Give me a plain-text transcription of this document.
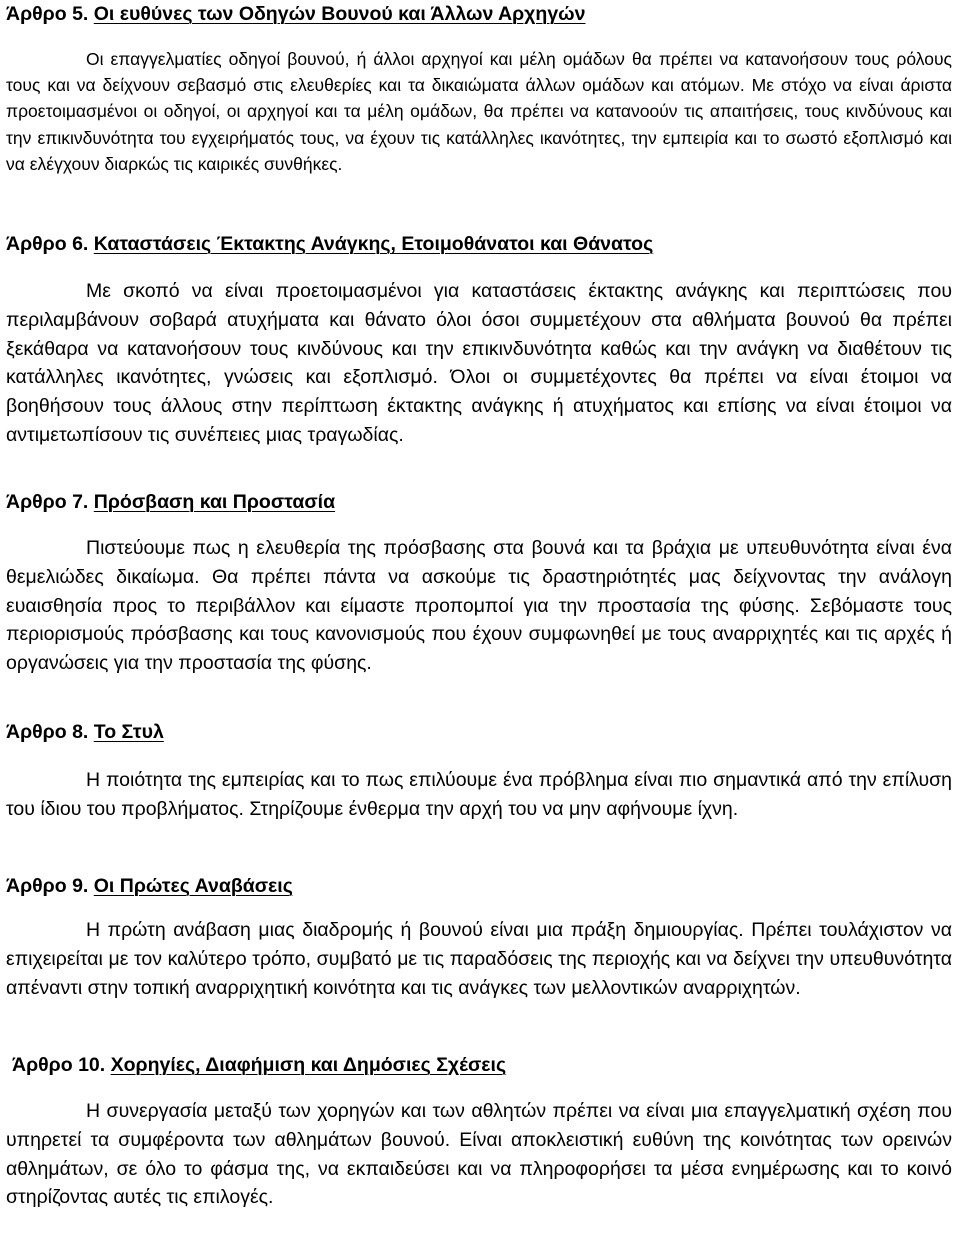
Άρθρο 5. Οι ευθύνες των Οδηγών Βουνού και Άλλων Αρχηγών

Οι επαγγελματίες οδηγοί βουνού, ή άλλοι αρχηγοί και μέλη ομάδων θα πρέπει να κατανοήσουν τους ρόλους τους και να δείχνουν σεβασμό στις ελευθερίες και τα δικαιώματα άλλων ομάδων και ατόμων. Με στόχο να είναι άριστα προετοιμασμένοι οι οδηγοί, οι αρχηγοί και τα μέλη ομάδων, θα πρέπει να κατανοούν τις απαιτήσεις, τους κινδύνους και την επικινδυνότητα του εγχειρήματός τους, να έχουν τις κατάλληλες ικανότητες, την εμπειρία και το σωστό εξοπλισμό και να ελέγχουν διαρκώς τις καιρικές συνθήκες.

Άρθρο 6. Καταστάσεις Έκτακτης Ανάγκης, Ετοιμοθάνατοι και Θάνατος

Με σκοπό να είναι προετοιμασμένοι για καταστάσεις έκτακτης ανάγκης και περιπτώσεις που περιλαμβάνουν σοβαρά ατυχήματα και θάνατο όλοι όσοι συμμετέχουν στα αθλήματα βουνού θα πρέπει ξεκάθαρα να κατανοήσουν τους κινδύνους και την επικινδυνότητα καθώς και την ανάγκη να διαθέτουν τις κατάλληλες ικανότητες, γνώσεις και εξοπλισμό. Όλοι οι συμμετέχοντες θα πρέπει να είναι έτοιμοι να βοηθήσουν τους άλλους στην περίπτωση έκτακτης ανάγκης ή ατυχήματος και επίσης να είναι έτοιμοι να αντιμετωπίσουν τις συνέπειες μιας τραγωδίας.

Άρθρο 7. Πρόσβαση και Προστασία

Πιστεύουμε πως η ελευθερία της πρόσβασης στα βουνά και τα βράχια με υπευθυνότητα είναι ένα θεμελιώδες δικαίωμα. Θα πρέπει πάντα να ασκούμε τις δραστηριότητές μας δείχνοντας την ανάλογη ευαισθησία προς το περιβάλλον και είμαστε προπομποί για την προστασία της φύσης. Σεβόμαστε τους περιορισμούς πρόσβασης και τους κανονισμούς που έχουν συμφωνηθεί με τους αναρριχητές και τις αρχές ή οργανώσεις για την προστασία της φύσης.

Άρθρο 8. Το Στυλ

Η ποιότητα της εμπειρίας και το πως επιλύουμε ένα πρόβλημα είναι πιο σημαντικά από την επίλυση του ίδιου του προβλήματος. Στηρίζουμε ένθερμα την αρχή του να μην αφήνουμε ίχνη.

Άρθρο 9. Οι Πρώτες Αναβάσεις

Η πρώτη ανάβαση μιας διαδρομής ή βουνού είναι μια πράξη δημιουργίας. Πρέπει τουλάχιστον να επιχειρείται με τον καλύτερο τρόπο, συμβατό με τις παραδόσεις της περιοχής και να δείχνει την υπευθυνότητα απέναντι στην τοπική αναρριχητική κοινότητα και τις ανάγκες των μελλοντικών αναρριχητών.

Άρθρο 10. Χορηγίες, Διαφήμιση και Δημόσιες Σχέσεις

Η συνεργασία μεταξύ των χορηγών και των αθλητών πρέπει να είναι μια επαγγελματική σχέση που υπηρετεί τα συμφέροντα των αθλημάτων βουνού. Είναι αποκλειστική ευθύνη της κοινότητας των ορεινών αθλημάτων, σε όλο το φάσμα της, να εκπαιδεύσει και να πληροφορήσει τα μέσα ενημέρωσης και το κοινό στηρίζοντας αυτές τις επιλογές.
